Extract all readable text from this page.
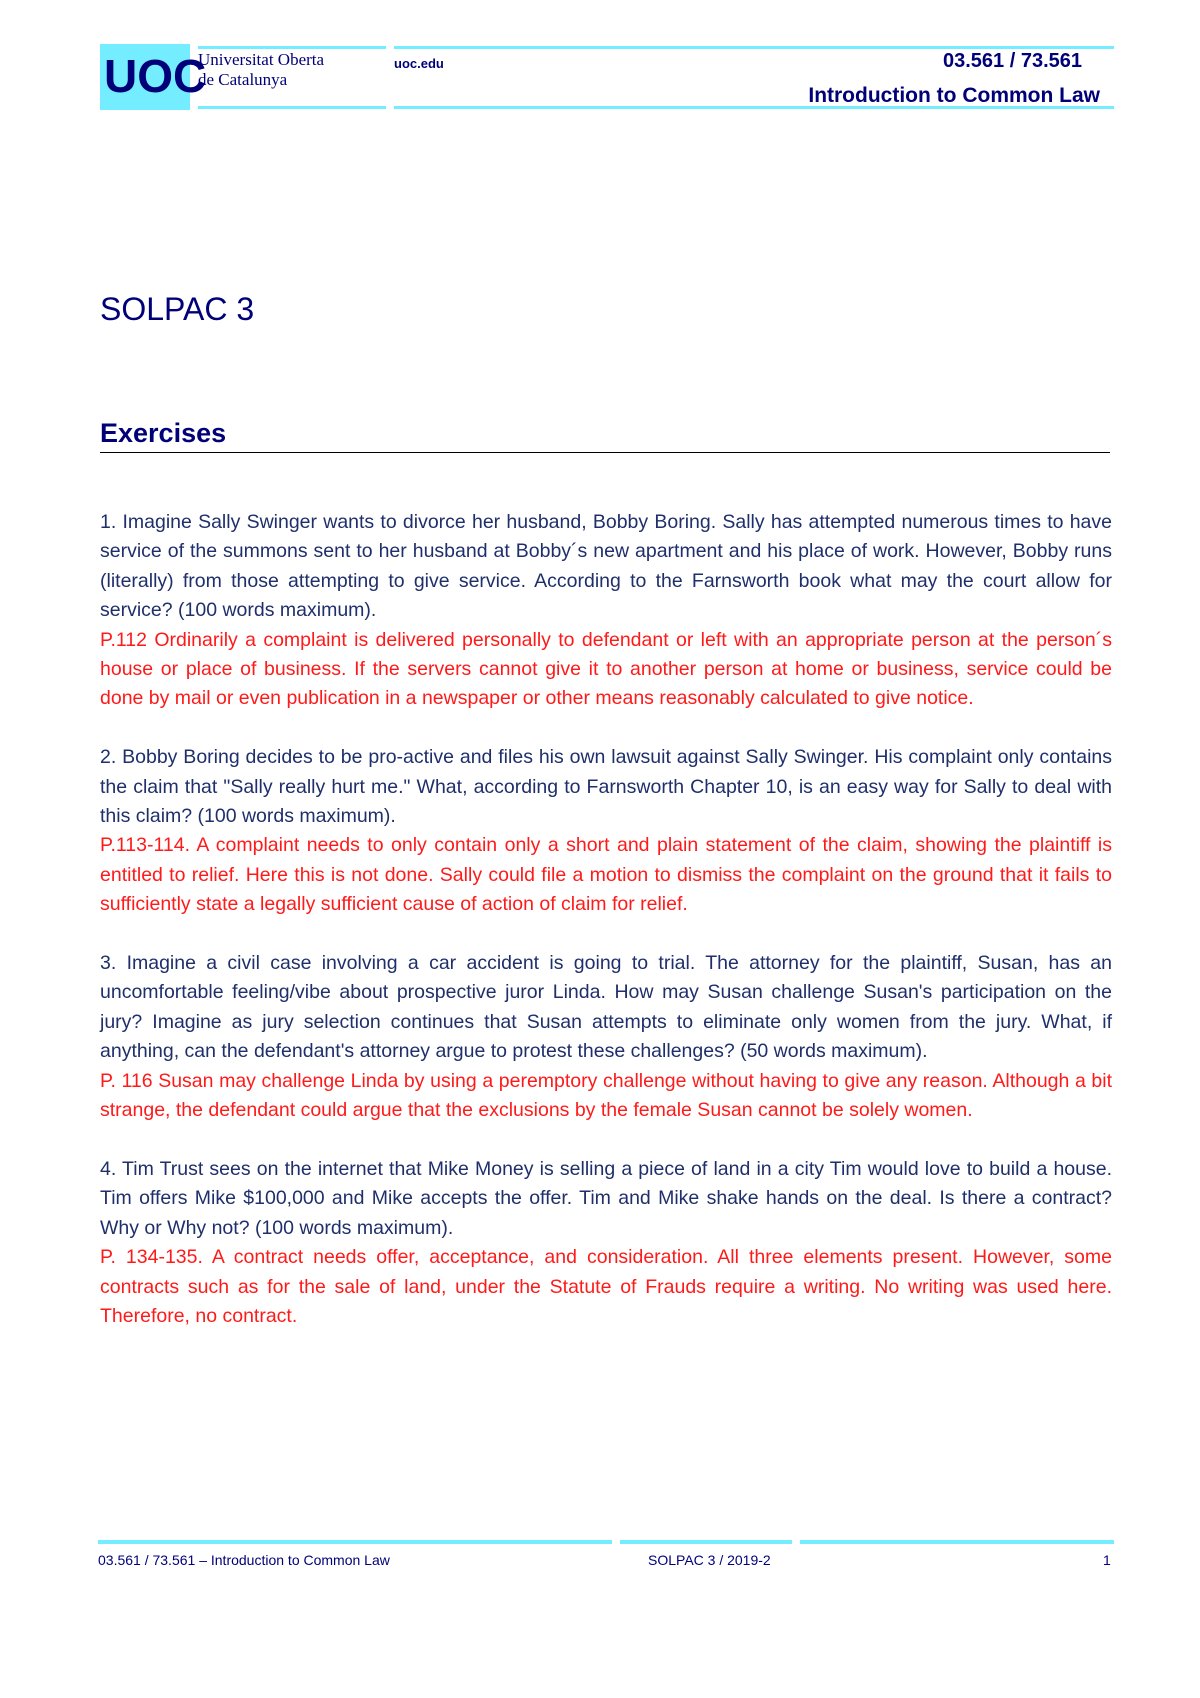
UOC
Universitat Oberta
de Catalunya
uoc.edu	03.561 / 73.561
Introduction to Common Law
SOLPAC 3
Exercises

1. Imagine Sally Swinger wants to divorce her husband, Bobby Boring. Sally has attempted numerous times to have service of the summons sent to her husband at Bobby´s new apartment and his place of work. However, Bobby runs (literally) from those attempting to give service. According to the Farnsworth book what may the court allow for service? (100 words maximum).

P.112 Ordinarily a complaint is delivered personally to defendant or left with an appropriate person at the person´s house or place of business. If the servers cannot give it to another person at home or business, service could be done by mail or even publication in a newspaper or other means reasonably calculated to give notice.

2. Bobby Boring decides to be pro-active and files his own lawsuit against Sally Swinger. His complaint only contains the claim that "Sally really hurt me." What, according to Farnsworth Chapter 10, is an easy way for Sally to deal with this claim? (100 words maximum).

P.113-114. A complaint needs to only contain only a short and plain statement of the claim, showing the plaintiff is entitled to relief. Here this is not done. Sally could file a motion to dismiss the complaint on the ground that it fails to sufficiently state a legally sufficient cause of action of claim for relief.

3. Imagine a civil case involving a car accident is going to trial. The attorney for the plaintiff, Susan, has an uncomfortable feeling/vibe about prospective juror Linda. How may Susan challenge Susan's participation on the jury? Imagine as jury selection continues that Susan attempts to eliminate only women from the jury. What, if anything, can the defendant's attorney argue to protest these challenges? (50 words maximum).

P. 116 Susan may challenge Linda by using a peremptory challenge without having to give any reason. Although a bit strange, the defendant could argue that the exclusions by the female Susan cannot be solely women.

4. Tim Trust sees on the internet that Mike Money is selling a piece of land in a city Tim would love to build a house. Tim offers Mike $100,000 and Mike accepts the offer. Tim and Mike shake hands on the deal. Is there a contract? Why or Why not? (100 words maximum).

P. 134-135. A contract needs offer, acceptance, and consideration. All three elements present. However, some contracts such as for the sale of land, under the Statute of Frauds require a writing. No writing was used here. Therefore, no contract.

03.561 / 73.561 – Introduction to Common Law	SOLPAC 3 / 2019-2	1
